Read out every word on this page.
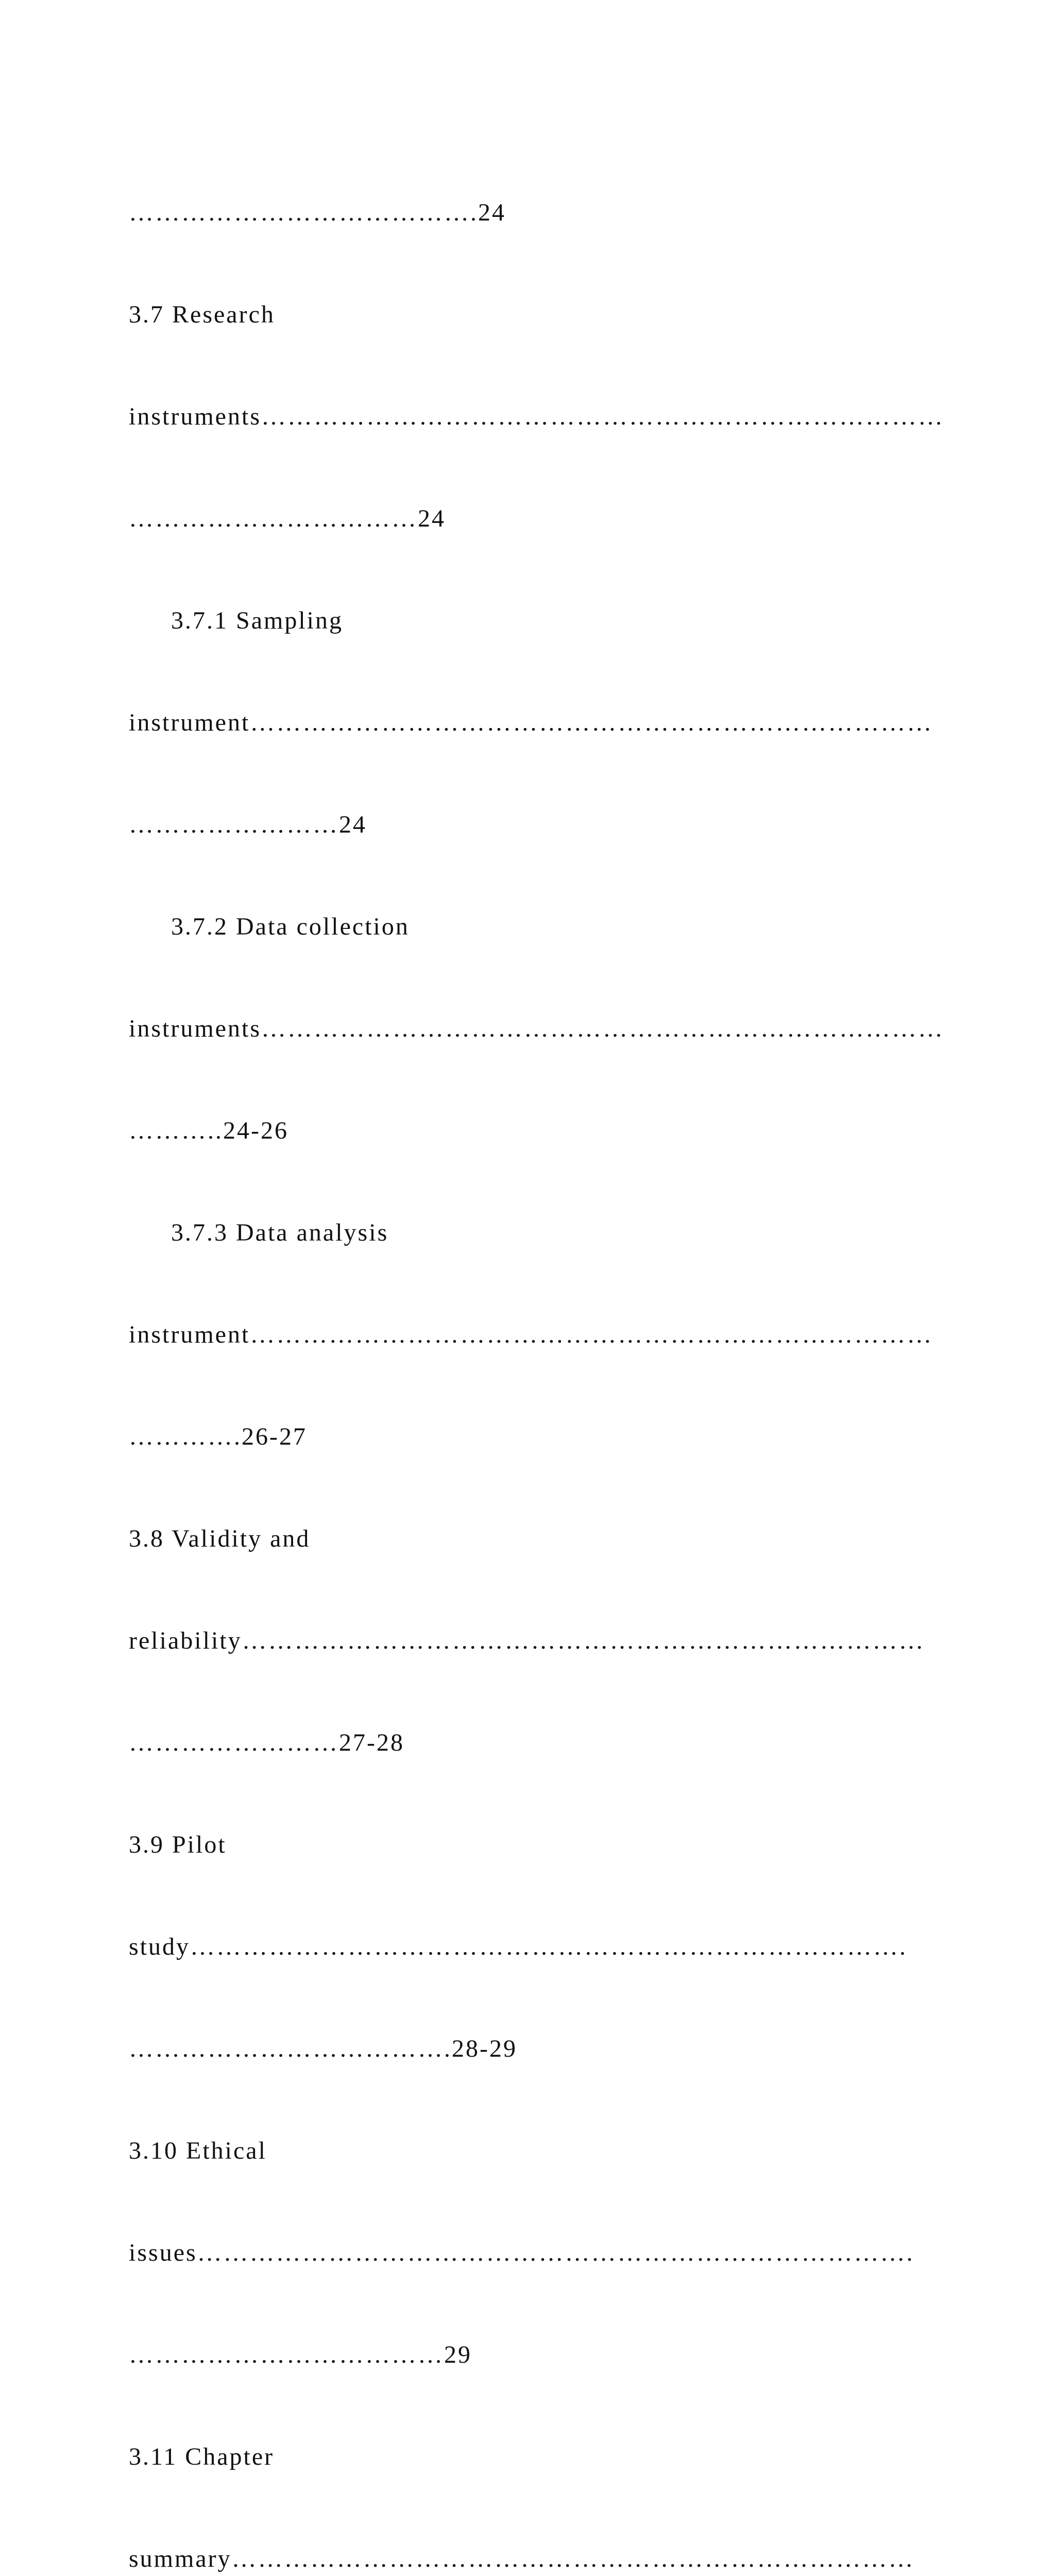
………………………………….24

3.7 Research

instruments……………………………………………………………………

……………………………24

3.7.1 Sampling

instrument……………………………………………………………………

……………………24

3.7.2 Data collection

instruments……………………………………………………………………

………..24-26

3.7.3 Data analysis

instrument……………………………………………………………………

………….26-27

3.8 Validity and

reliability……………………………………………………………………

……………………27-28

3.9 Pilot

study……………………………………………………………………….

……………………………….28-29

3.10 Ethical

issues……………………………………………………………………….

………………………………29

3.11 Chapter

summary……………………………………………………………………
